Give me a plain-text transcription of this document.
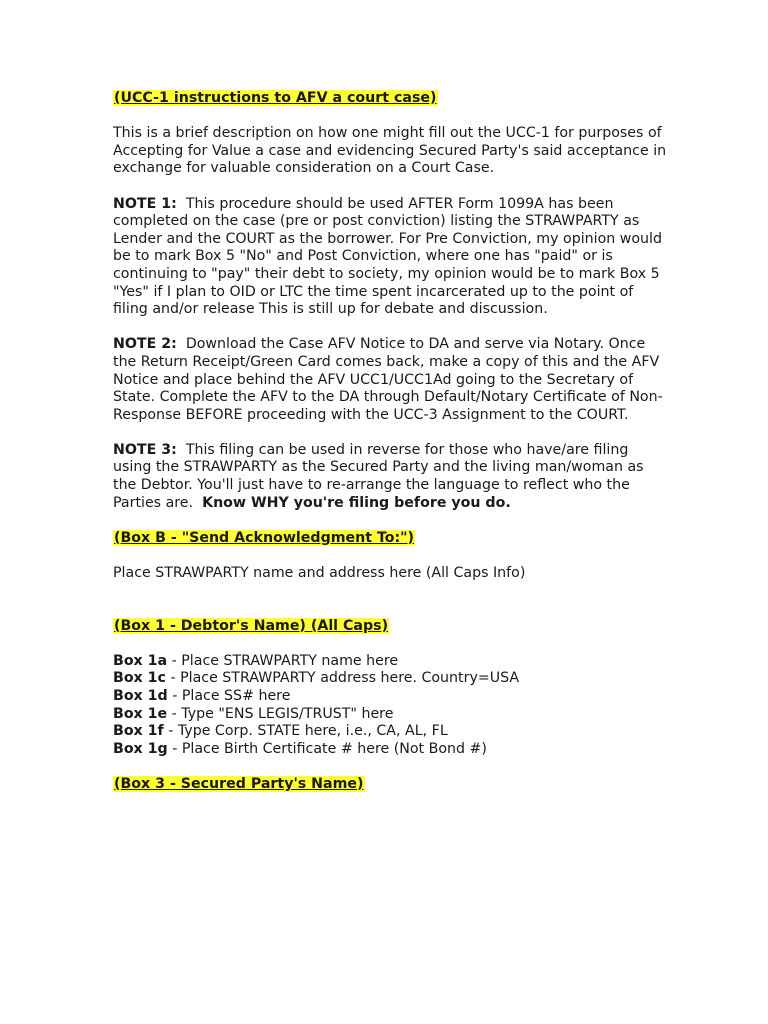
(UCC-1 instructions to AFV a court case)

This is a brief description on how one might fill out the UCC-1 for purposes of Accepting for Value a case and evidencing Secured Party's said acceptance in exchange for valuable consideration on a Court Case.

NOTE 1: This procedure should be used AFTER Form 1099A has been completed on the case (pre or post conviction) listing the STRAWPARTY as Lender and the COURT as the borrower. For Pre Conviction, my opinion would be to mark Box 5 "No" and Post Conviction, where one has "paid" or is continuing to "pay" their debt to society, my opinion would be to mark Box 5 "Yes" if I plan to OID or LTC the time spent incarcerated up to the point of filing and/or release This is still up for debate and discussion.

NOTE 2: Download the Case AFV Notice to DA and serve via Notary. Once the Return Receipt/Green Card comes back, make a copy of this and the AFV Notice and place behind the AFV UCC1/UCC1Ad going to the Secretary of State. Complete the AFV to the DA through Default/Notary Certificate of Non-Response BEFORE proceeding with the UCC-3 Assignment to the COURT.

NOTE 3: This filing can be used in reverse for those who have/are filing using the STRAWPARTY as the Secured Party and the living man/woman as the Debtor. You'll just have to re-arrange the language to reflect who the Parties are. Know WHY you're filing before you do.

(Box B - "Send Acknowledgment To:")

Place STRAWPARTY name and address here (All Caps Info)

(Box 1 - Debtor's Name) (All Caps)

Box 1a - Place STRAWPARTY name here

Box 1c - Place STRAWPARTY address here. Country=USA

Box 1d - Place SS# here

Box 1e - Type "ENS LEGIS/TRUST" here

Box 1f - Type Corp. STATE here, i.e., CA, AL, FL

Box 1g - Place Birth Certificate # here (Not Bond #)

(Box 3 - Secured Party's Name)
